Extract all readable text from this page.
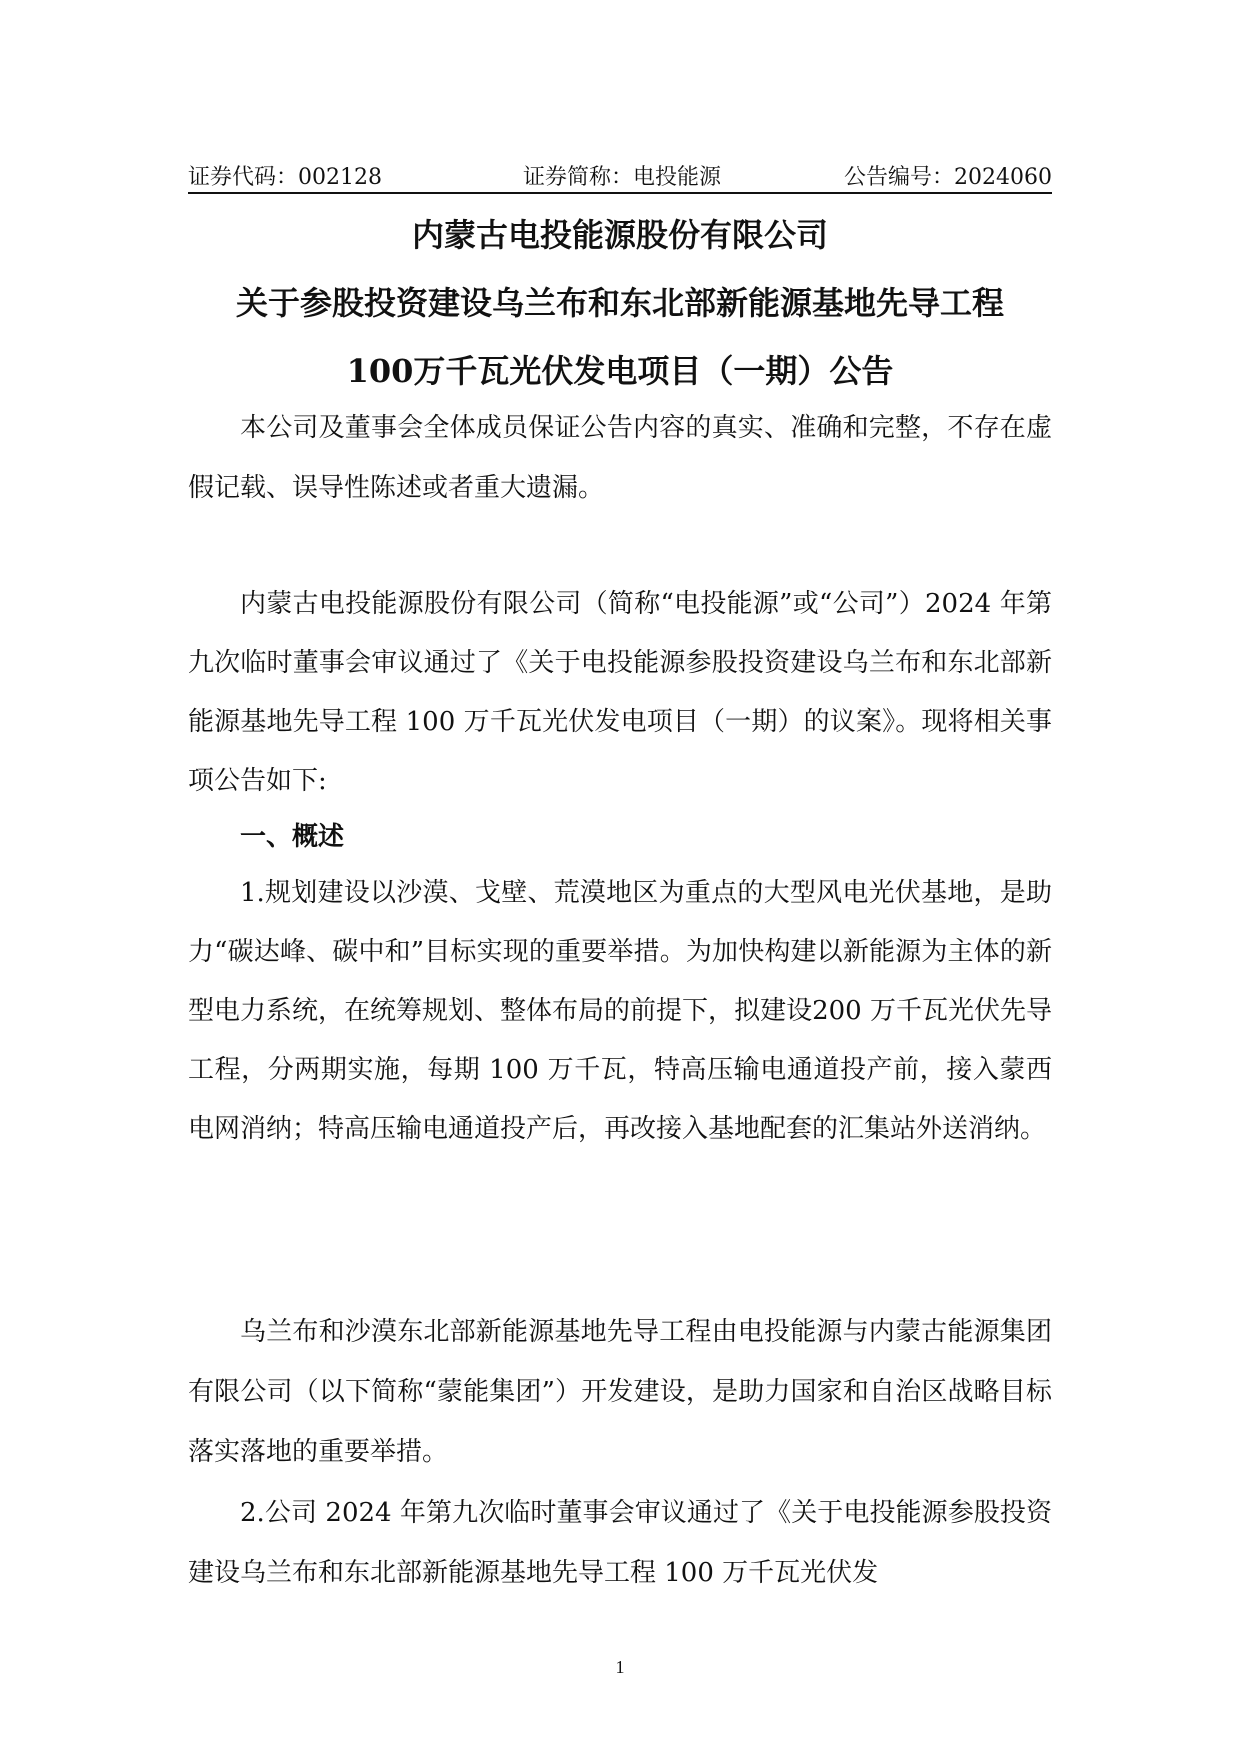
证券代码：002128	证券简称：电投能源	公告编号：2024060
内蒙古电投能源股份有限公司
关于参股投资建设乌兰布和东北部新能源基地先导工程
100万千瓦光伏发电项目（一期）公告

本公司及董事会全体成员保证公告内容的真实、准确和完整，不存在虚假记载、误导性陈述或者重大遗漏。

内蒙古电投能源股份有限公司（简称“电投能源”或“公司”）2024 年第九次临时董事会审议通过了《关于电投能源参股投资建设乌兰布和东北部新能源基地先导工程 100 万千瓦光伏发电项目（一期）的议案》。现将相关事项公告如下:

一、概述

1.规划建设以沙漠、戈壁、荒漠地区为重点的大型风电光伏基地，是助力“碳达峰、碳中和”目标实现的重要举措。为加快构建以新能源为主体的新型电力系统，在统筹规划、整体布局的前提下，拟建设200 万千瓦光伏先导工程，分两期实施，每期 100 万千瓦，特高压输电通道投产前，接入蒙西电网消纳；特高压输电通道投产后，再改接入基地配套的汇集站外送消纳。

乌兰布和沙漠东北部新能源基地先导工程由电投能源与内蒙古能源集团有限公司（以下简称“蒙能集团”）开发建设，是助力国家和自治区战略目标落实落地的重要举措。

2.公司 2024 年第九次临时董事会审议通过了《关于电投能源参股投资建设乌兰布和东北部新能源基地先导工程 100 万千瓦光伏发

1
